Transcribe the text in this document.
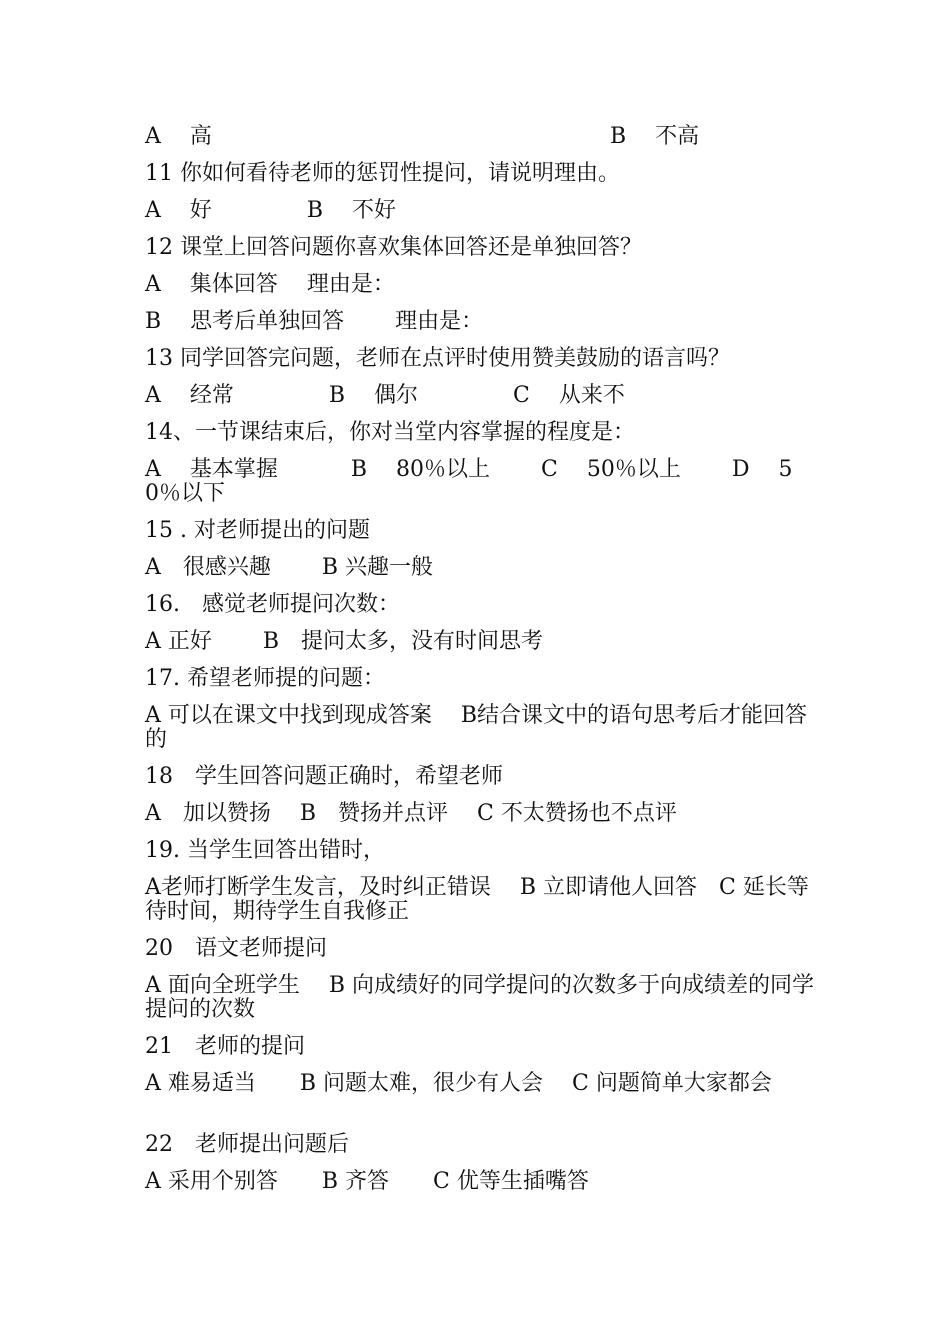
A　 高

	B　 不高

11 你如何看待老师的惩罚性提问，请说明理由。
A　 好　　　　 B　 不好
12 课堂上回答问题你喜欢集体回答还是单独回答？
A　 集体回答　 理由是：
B　 思考后单独回答　　 理由是：
13 同学回答完问题，老师在点评时使用赞美鼓励的语言吗？
A　 经常　　　　 B　 偶尔　　　　 C　 从来不
14、一节课结束后，你对当堂内容掌握的程度是：
A　 基本掌握　　　 B　 80％以上　　 C　 50％以上　　 D　 50％以下
15 . 对老师提出的问题
A　很感兴趣　　 B 兴趣一般
16.　感觉老师提问次数：
A 正好　　 B　提问太多，没有时间思考
17. 希望老师提的问题：
A 可以在课文中找到现成答案　 B结合课文中的语句思考后才能回答的
18　学生回答问题正确时，希望老师
A　加以赞扬　 B　赞扬并点评　 C 不太赞扬也不点评
19. 当学生回答出错时，
A老师打断学生发言，及时纠正错误　 B 立即请他人回答　C 延长等待时间，期待学生自我修正
20　语文老师提问
A 面向全班学生　 B 向成绩好的同学提问的次数多于向成绩差的同学提问的次数
21　老师的提问
A 难易适当　　B 问题太难，很少有人会　 C 问题简单大家都会
22　老师提出问题后
A 采用个别答　　B 齐答　　C 优等生插嘴答
